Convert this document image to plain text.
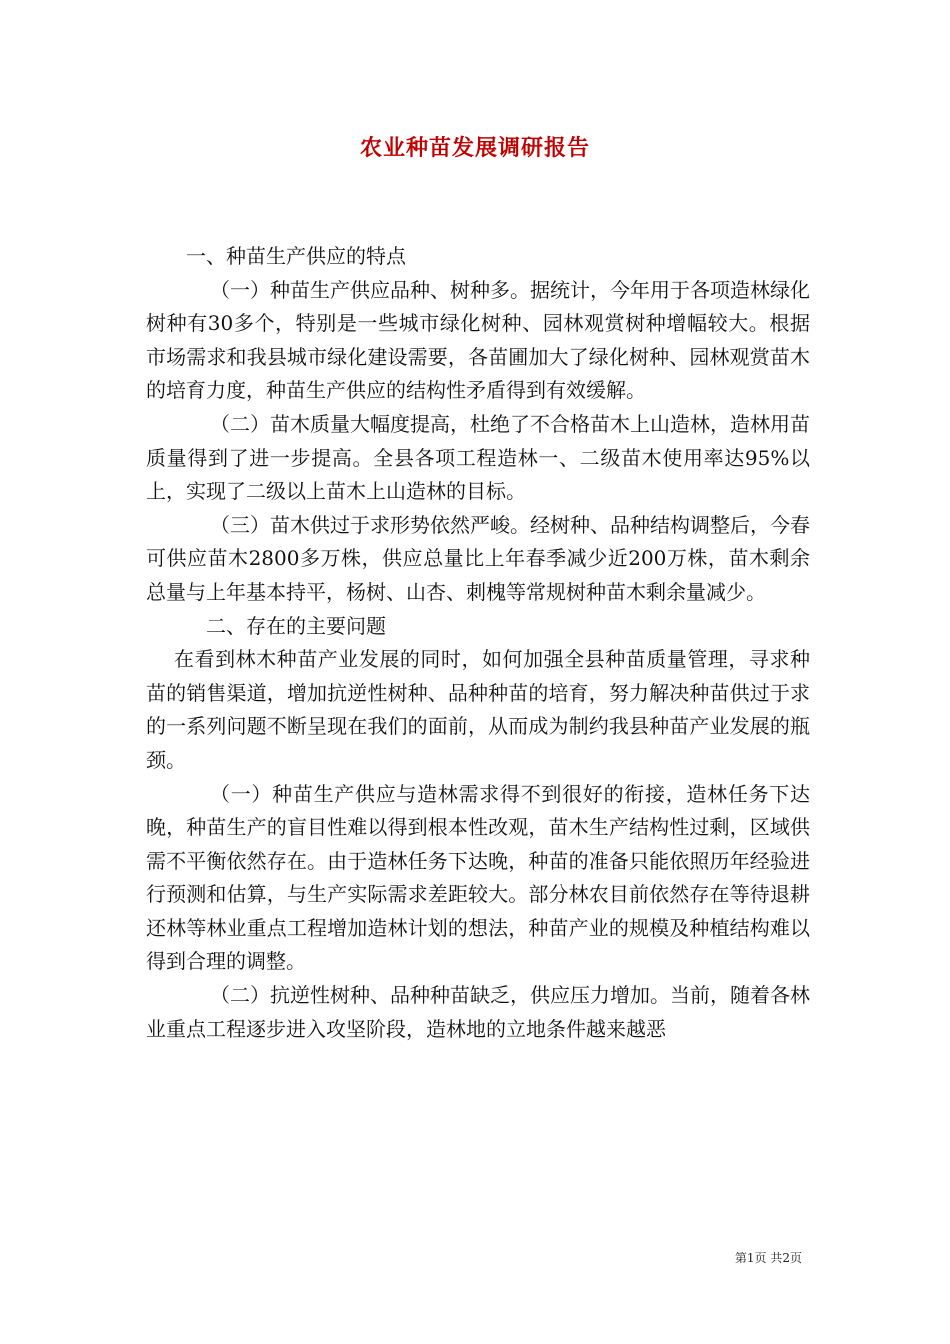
农业种苗发展调研报告

一、种苗生产供应的特点

（一）种苗生产供应品种、树种多。据统计，今年用于各项造林绿化树种有30多个，特别是一些城市绿化树种、园林观赏树种增幅较大。根据市场需求和我县城市绿化建设需要，各苗圃加大了绿化树种、园林观赏苗木的培育力度，种苗生产供应的结构性矛盾得到有效缓解。

（二）苗木质量大幅度提高，杜绝了不合格苗木上山造林，造林用苗质量得到了进一步提高。全县各项工程造林一、二级苗木使用率达95%以上，实现了二级以上苗木上山造林的目标。

（三）苗木供过于求形势依然严峻。经树种、品种结构调整后，今春可供应苗木2800多万株，供应总量比上年春季减少近200万株，苗木剩余总量与上年基本持平，杨树、山杏、刺槐等常规树种苗木剩余量减少。

二、存在的主要问题

在看到林木种苗产业发展的同时，如何加强全县种苗质量管理，寻求种苗的销售渠道，增加抗逆性树种、品种种苗的培育，努力解决种苗供过于求的一系列问题不断呈现在我们的面前，从而成为制约我县种苗产业发展的瓶颈。

（一）种苗生产供应与造林需求得不到很好的衔接，造林任务下达晚，种苗生产的盲目性难以得到根本性改观，苗木生产结构性过剩，区域供需不平衡依然存在。由于造林任务下达晚，种苗的准备只能依照历年经验进行预测和估算，与生产实际需求差距较大。部分林农目前依然存在等待退耕还林等林业重点工程增加造林计划的想法，种苗产业的规模及种植结构难以得到合理的调整。

（二）抗逆性树种、品种种苗缺乏，供应压力增加。当前，随着各林业重点工程逐步进入攻坚阶段，造林地的立地条件越来越恶

第1页 共2页
